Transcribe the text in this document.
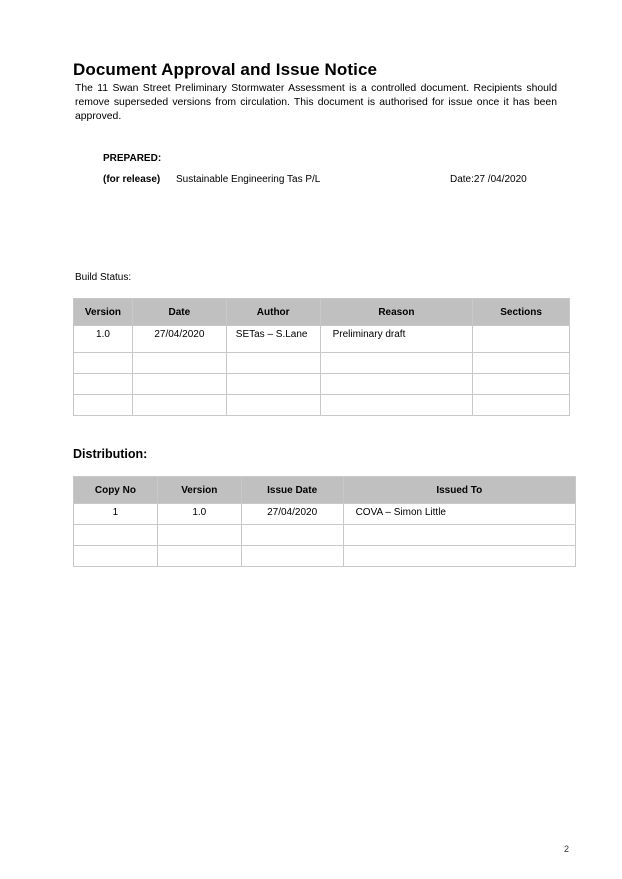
Document Approval and Issue Notice
The 11 Swan Street Preliminary Stormwater Assessment is a controlled document. Recipients should remove superseded versions from circulation. This document is authorised for issue once it has been approved.
PREPARED:
(for release) Sustainable Engineering Tas P/L	Date:27 /04/2020
Build Status:
Version	Date	Author	Reason	Sections
1.0	27/04/2020	SETas – S.Lane	Preliminary draft	

Distribution:
Copy No	Version	Issue Date	Issued To
1	1.0	27/04/2020	COVA – Simon Little

2
